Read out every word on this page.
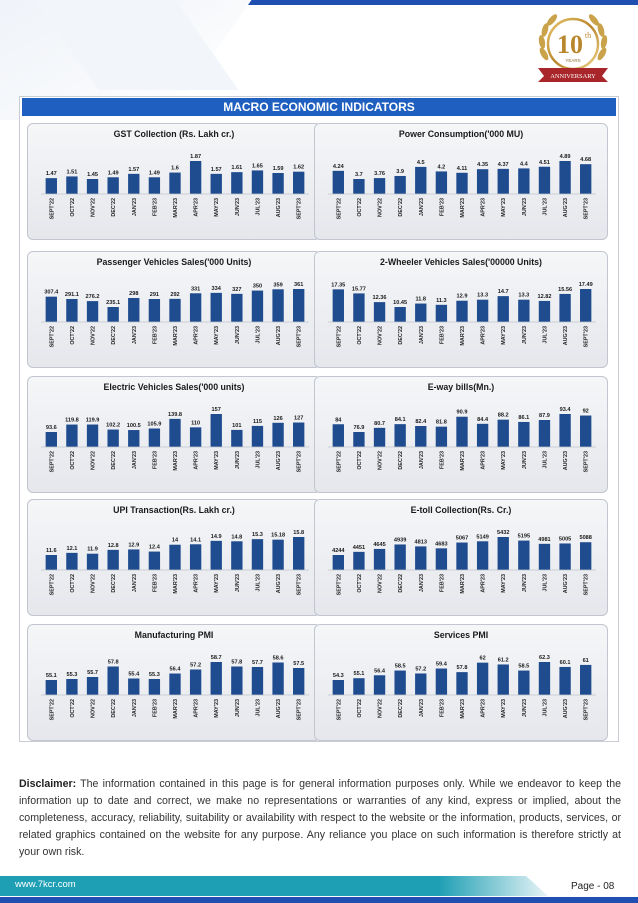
10 th
YEARS
ANNIVERSARY
MACRO ECONOMIC INDICATORS
GST Collection (Rs. Lakh cr.)
1.47
SEPT'22
1.51
OCT'22
1.45
NOV'22
1.49
DEC'22
1.57
JAN'23
1.49
FEB'23
1.6
MAR'23
1.87
APR'23
1.57
MAY'23
1.61
JUN'23
1.65
JUL'23
1.59
AUG'23
1.62
SEPT'23
Power Consumption('000 MU)
4.24
SEPT'22
3.7
OCT'22
3.76
NOV'22
3.9
DEC'22
4.5
JAN'23
4.2
FEB'23
4.11
MAR'23
4.35
APR'23
4.37
MAY'23
4.4
JUN'23
4.51
JUL'23
4.89
AUG'23
4.68
SEPT'23
Passenger Vehicles Sales('000 Units)
307.4
SEPT'22
291.1
OCT'22
276.2
NOV'22
235.1
DEC'22
298
JAN'23
291
FEB'23
292
MAR'23
331
APR'23
334
MAY'23
327
JUN'23
350
JUL'23
359
AUG'23
361
SEPT'23
2-Wheeler Vehicles Sales('00000 Units)
17.35
SEPT'22
15.77
OCT'22
12.36
NOV'22
10.45
DEC'22
11.8
JAN'23
11.3
FEB'23
12.9
MAR'23
13.3
APR'23
14.7
MAY'23
13.3
JUN'23
12.82
JUL'23
15.56
AUG'23
17.49
SEPT'23
Electric Vehicles Sales('000 units)
93.6
SEPT'22
119.8
OCT'22
119.9
NOV'22
102.2
DEC'22
100.5
JAN'23
105.9
FEB'23
139.8
MAR'23
110
APR'23
157
MAY'23
101
JUN'23
115
JUL'23
126
AUG'23
127
SEPT'23
E-way bills(Mn.)
84
SEPT'22
76.9
OCT'22
80.7
NOV'22
84.1
DEC'22
82.4
JAN'23
81.8
FEB'23
90.9
MAR'23
84.4
APR'23
88.2
MAY'23
86.1
JUN'23
87.9
JUL'23
93.4
AUG'23
92
SEPT'23
UPI Transaction(Rs. Lakh cr.)
11.6
SEPT'22
12.1
OCT'22
11.9
NOV'22
12.8
DEC'22
12.9
JAN'23
12.4
FEB'23
14
MAR'23
14.1
APR'23
14.9
MAY'23
14.8
JUN'23
15.3
JUL'23
15.18
AUG'23
15.8
SEPT'23
E-toll Collection(Rs. Cr.)
4244
SEPT'22
4451
OCT'22
4645
NOV'22
4939
DEC'22
4813
JAN'23
4683
FEB'23
5067
MAR'23
5149
APR'23
5432
MAY'23
5195
JUN'23
4981
JUL'23
5005
AUG'23
5088
SEPT'23
Manufacturing PMI
55.1
SEPT'22
55.3
OCT'22
55.7
NOV'22
57.8
DEC'22
55.4
JAN'23
55.3
FEB'23
56.4
MAR'23
57.2
APR'23
58.7
MAY'23
57.8
JUN'23
57.7
JUL'23
58.6
AUG'23
57.5
SEPT'23
Services PMI
54.3
SEPT'22
55.1
OCT'22
56.4
NOV'22
58.5
DEC'22
57.2
JAN'23
59.4
FEB'23
57.8
MAR'23
62
APR'23
61.2
MAY'23
58.5
JUN'23
62.3
JUL'23
60.1
AUG'23
61
SEPT'23
Disclaimer: The information contained in this page is for general information purposes only. While we endeavor to keep the information up to date and correct, we make no representations or warranties of any kind, express or implied, about the completeness, accuracy, reliability, suitability or availability with respect to the website or the information, products, services, or related graphics contained on the website for any purpose. Any reliance you place on such information is therefore strictly at your own risk.
www.7kcr.com	Page - 08
